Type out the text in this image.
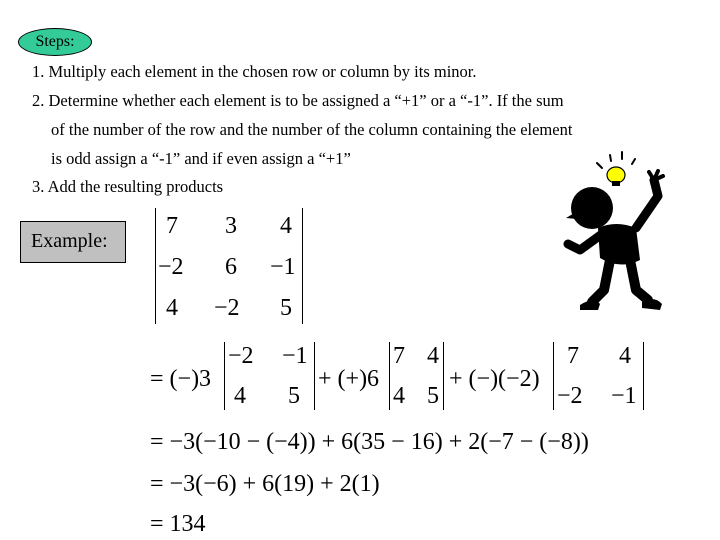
Steps:
1. Multiply each element in the chosen row or column by its minor.
2. Determine whether each element is to be assigned a “+1” or a “-1”. If the sum
of the number of the row and the number of the column containing the element
is odd assign a “-1” and if even assign a “+1”
3. Add the resulting products
Example:
7 3 4
−2 6 −1
4 −2 5
= (−)3
−2 −1
4 5
+ (+)6
7 4
4 5
+ (−)(−2)
7 4
−2 −1
= −3(−10 − (−4)) + 6(35 − 16) + 2(−7 − (−8))
= −3(−6) + 6(19) + 2(1)
= 134
